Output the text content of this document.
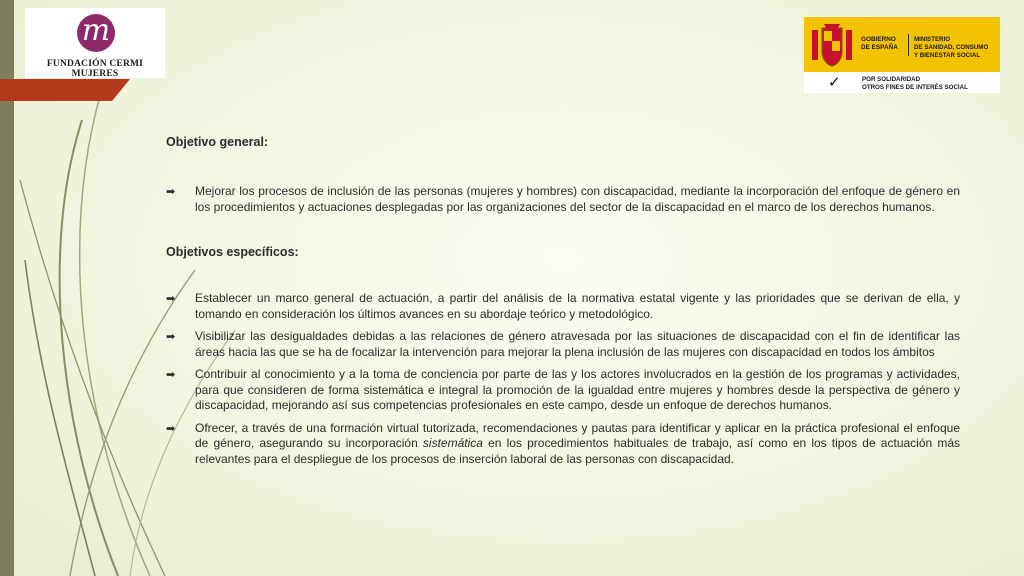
m
FUNDACIÓN CERMI MUJERES
GOBIERNO
DE ESPAÑA
MINISTERIO
DE SANIDAD, CONSUMO
Y BIENESTAR SOCIAL
✓	POR SOLIDARIDAD
OTROS FINES DE INTERÉS SOCIAL
Objetivo general:
➡ Mejorar los procesos de inclusión de las personas (mujeres y hombres) con discapacidad, mediante la incorporación del enfoque de género en los procedimientos y actuaciones desplegadas por las organizaciones del sector de la discapacidad en el marco de los derechos humanos.
Objetivos específicos:
➡ Establecer un marco general de actuación, a partir del análisis de la normativa estatal vigente y las prioridades que se derivan de ella, y tomando en consideración los últimos avances en su abordaje teórico y metodológico.
➡ Visibilizar las desigualdades debidas a las relaciones de género atravesada por las situaciones de discapacidad con el fin de identificar las áreas hacia las que se ha de focalizar la intervención para mejorar la plena inclusión de las mujeres con discapacidad en todos los ámbitos
➡ Contribuir al conocimiento y a la toma de conciencia por parte de las y los actores involucrados en la gestión de los programas y actividades, para que consideren de forma sistemática e integral la promoción de la igualdad entre mujeres y hombres desde la perspectiva de género y discapacidad, mejorando así sus competencias profesionales en este campo, desde un enfoque de derechos humanos.
➡ Ofrecer, a través de una formación virtual tutorizada, recomendaciones y pautas para identificar y aplicar en la práctica profesional el enfoque de género, asegurando su incorporación sistemática en los procedimientos habituales de trabajo, así como en los tipos de actuación más relevantes para el despliegue de los procesos de inserción laboral de las personas con discapacidad.
